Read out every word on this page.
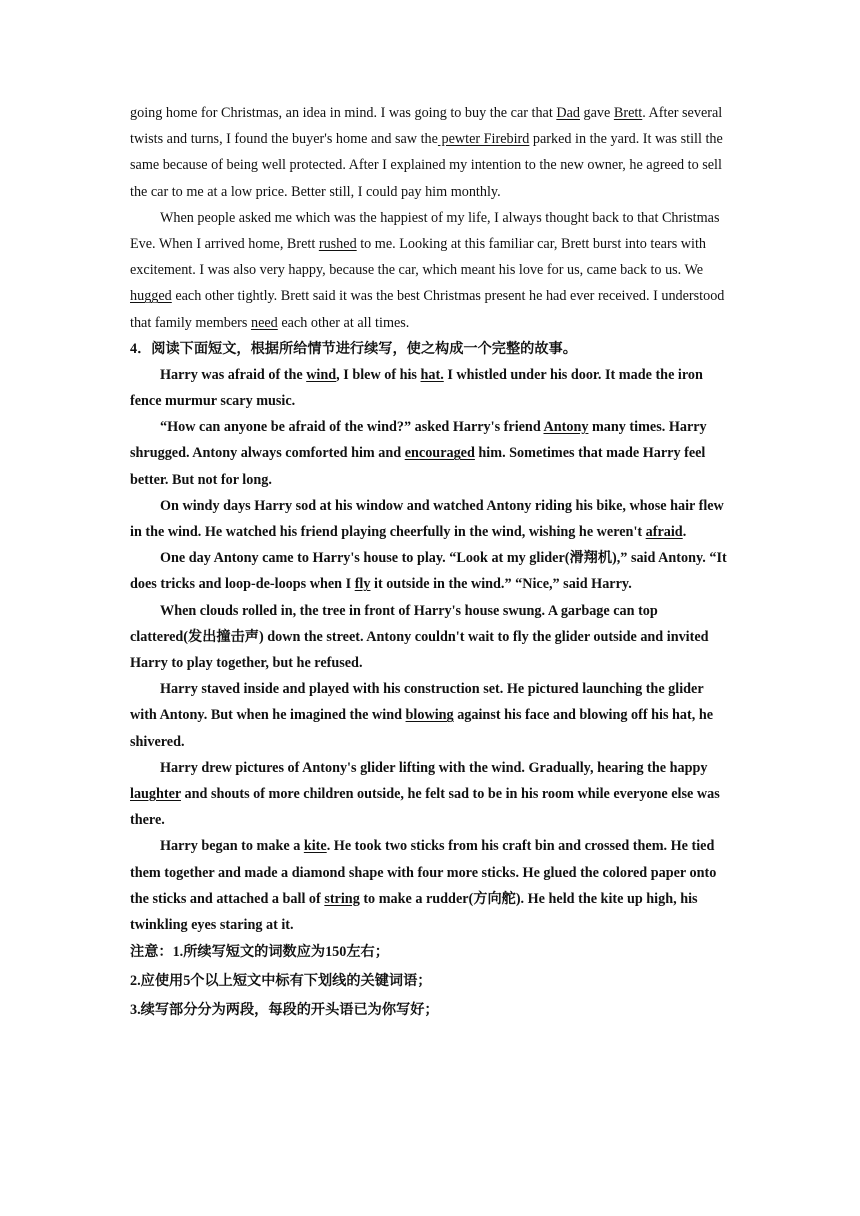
going home for Christmas, an idea in mind. I was going to buy the car that Dad gave Brett. After several twists and turns, I found the buyer's home and saw the pewter Firebird parked in the yard. It was still the same because of being well protected. After I explained my intention to the new owner, he agreed to sell the car to me at a low price. Better still, I could pay him monthly.

When people asked me which was the happiest of my life, I always thought back to that Christmas Eve. When I arrived home, Brett rushed to me. Looking at this familiar car, Brett burst into tears with excitement. I was also very happy, because the car, which meant his love for us, came back to us. We hugged each other tightly. Brett said it was the best Christmas present he had ever received. I understood that family members need each other at all times.

4．阅读下面短文，根据所给情节进行续写，使之构成一个完整的故事。

Harry was afraid of the wind, I blew of his hat. I whistled under his door. It made the iron fence murmur scary music.

“How can anyone be afraid of the wind?” asked Harry's friend Antony many times. Harry shrugged. Antony always comforted him and encouraged him. Sometimes that made Harry feel better. But not for long.

On windy days Harry sod at his window and watched Antony riding his bike, whose hair flew in the wind. He watched his friend playing cheerfully in the wind, wishing he weren't afraid.

One day Antony came to Harry's house to play. “Look at my glider(滑翔机),” said Antony. “It does tricks and loop-de-loops when I fly it outside in the wind.” “Nice,” said Harry.

When clouds rolled in, the tree in front of Harry's house swung. A garbage can top clattered(发出撞击声) down the street. Antony couldn't wait to fly the glider outside and invited Harry to play together, but he refused.

Harry staved inside and played with his construction set. He pictured launching the glider with Antony. But when he imagined the wind blowing against his face and blowing off his hat, he shivered.

Harry drew pictures of Antony's glider lifting with the wind. Gradually, hearing the happy laughter and shouts of more children outside, he felt sad to be in his room while everyone else was there.

Harry began to make a kite. He took two sticks from his craft bin and crossed them. He tied them together and made a diamond shape with four more sticks. He glued the colored paper onto the sticks and attached a ball of string to make a rudder(方向舵). He held the kite up high, his twinkling eyes staring at it.

注意：1.所续写短文的词数应为150左右；

2.应使用5个以上短文中标有下划线的关键词语；

3.续写部分分为两段，每段的开头语已为你写好；
